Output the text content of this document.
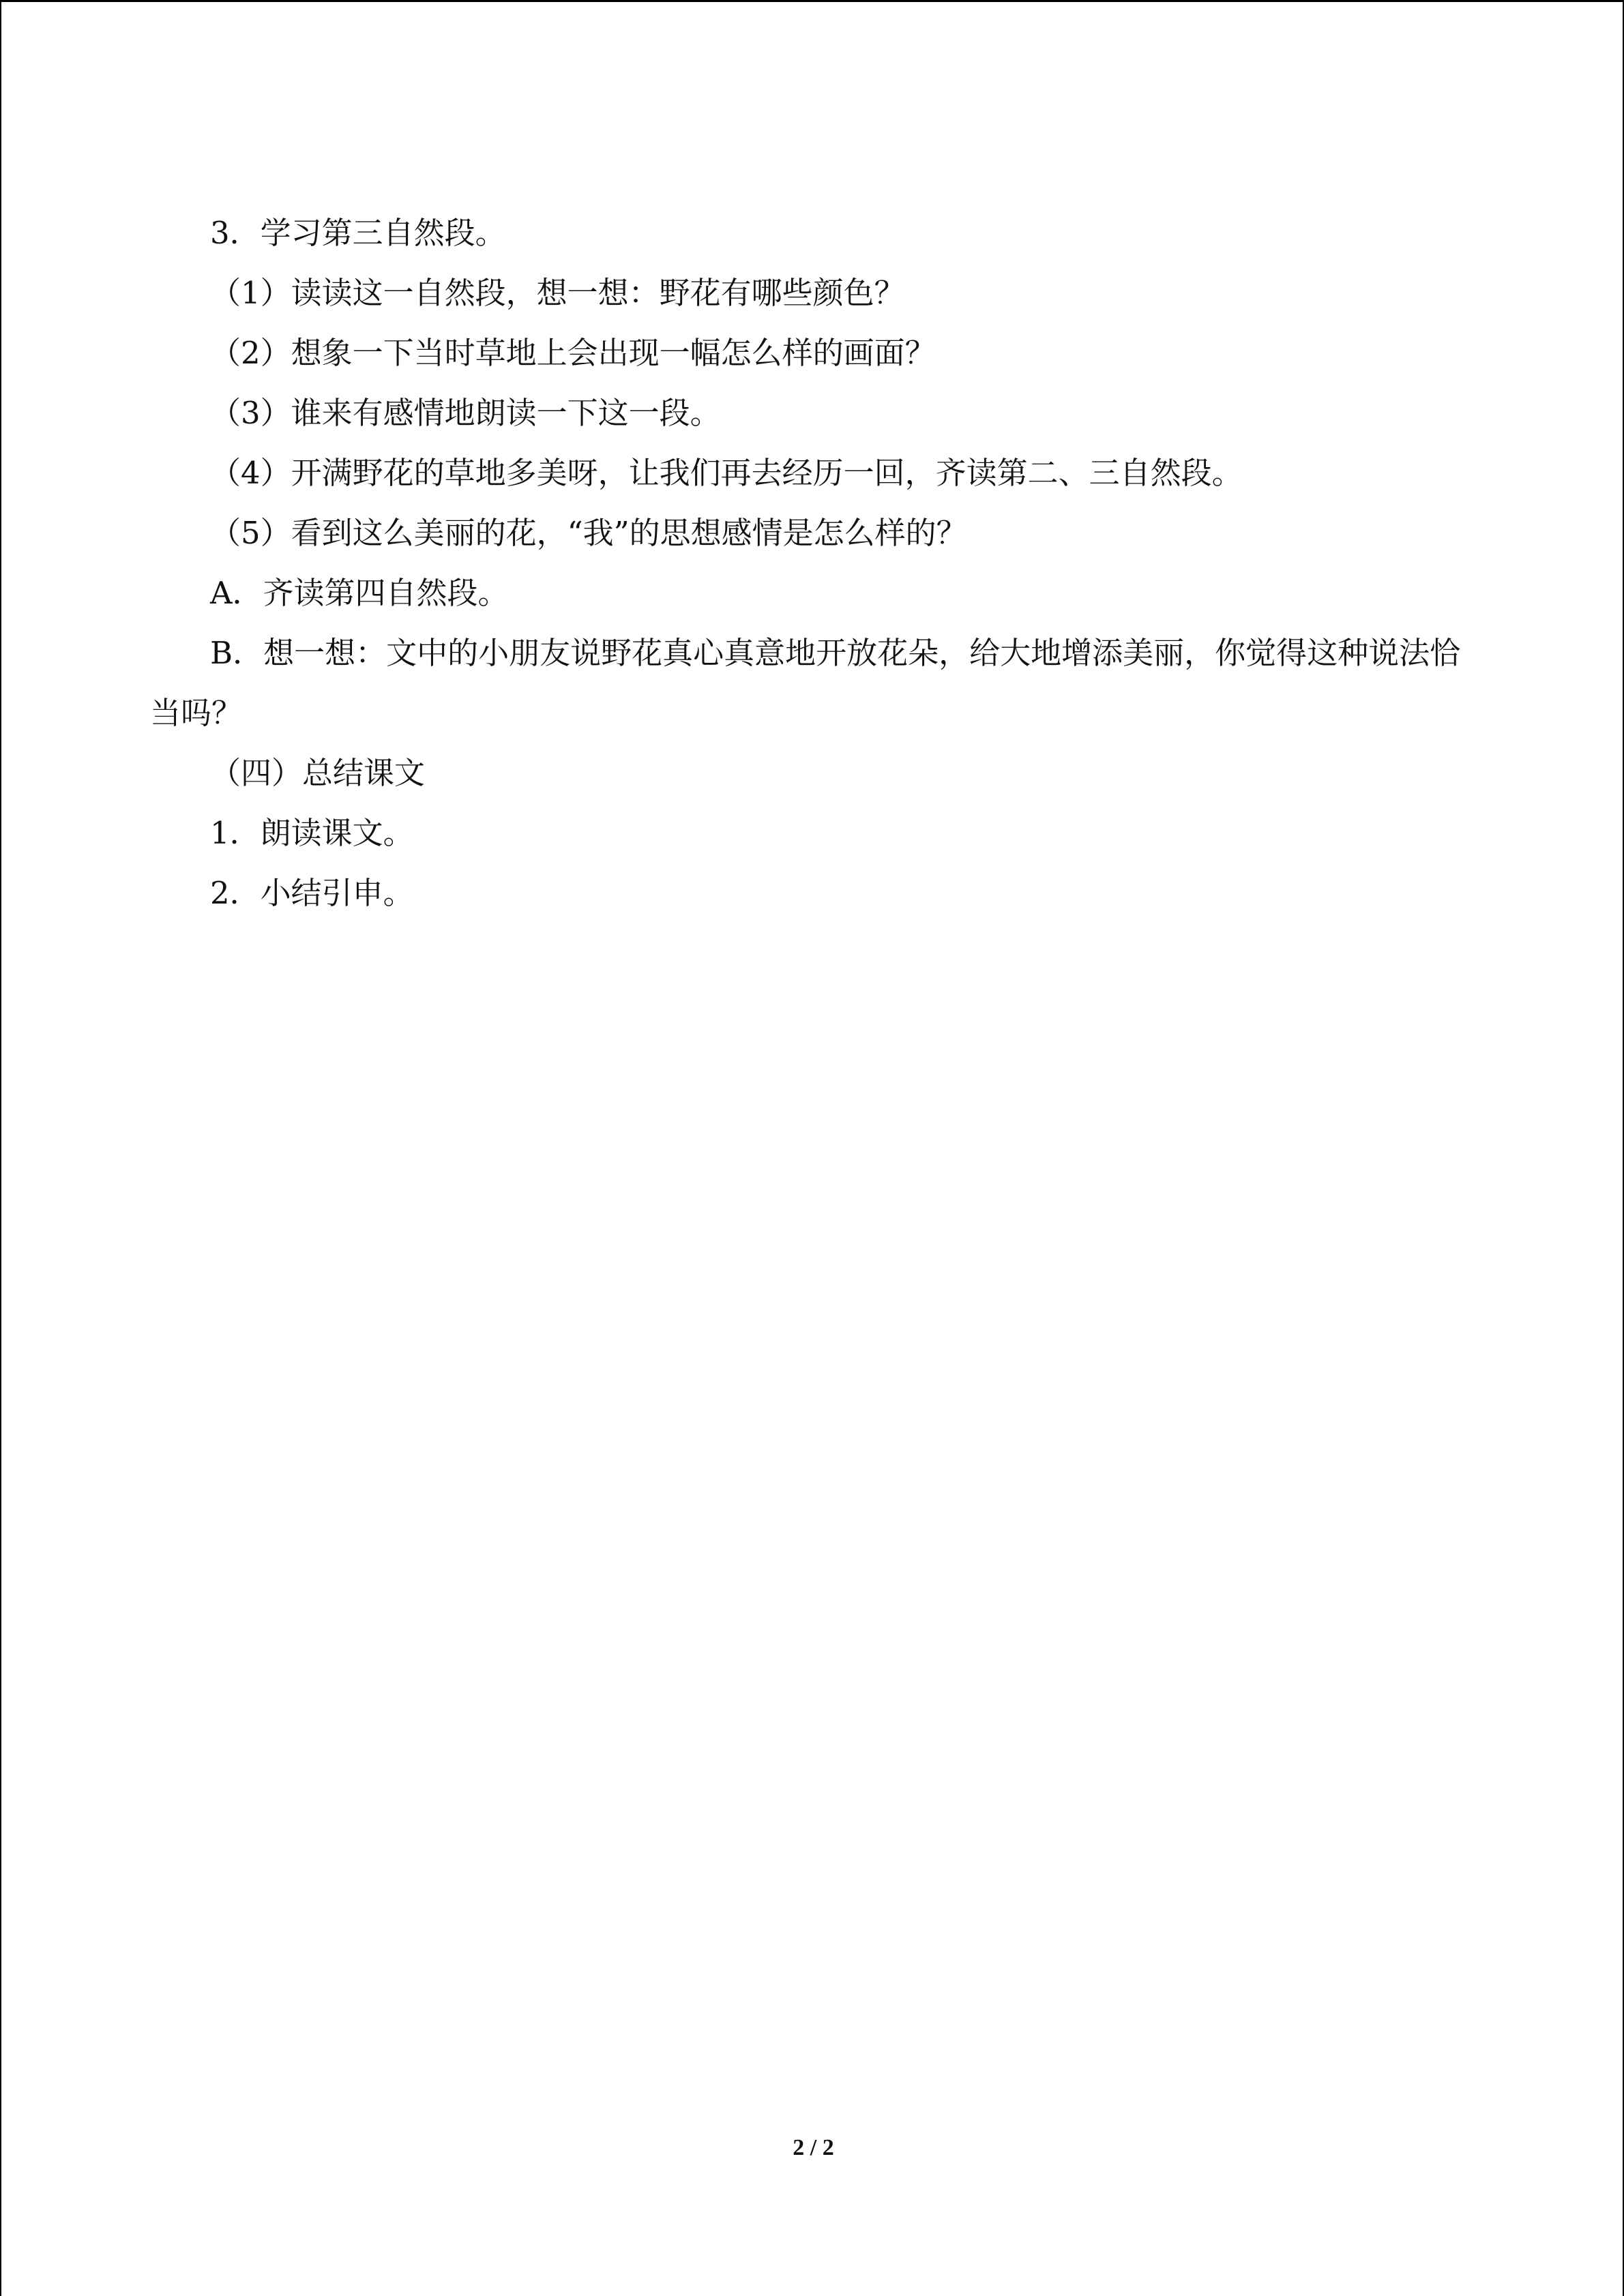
3．学习第三自然段。

（1）读读这一自然段，想一想：野花有哪些颜色？

（2）想象一下当时草地上会出现一幅怎么样的画面？

（3）谁来有感情地朗读一下这一段。

（4）开满野花的草地多美呀，让我们再去经历一回，齐读第二、三自然段。

（5）看到这么美丽的花，“我”的思想感情是怎么样的？

A．齐读第四自然段。

B．想一想：文中的小朋友说野花真心真意地开放花朵，给大地增添美丽，你觉得这种说法恰当吗？

（四）总结课文

1．朗读课文。

2．小结引申。

2 / 2
